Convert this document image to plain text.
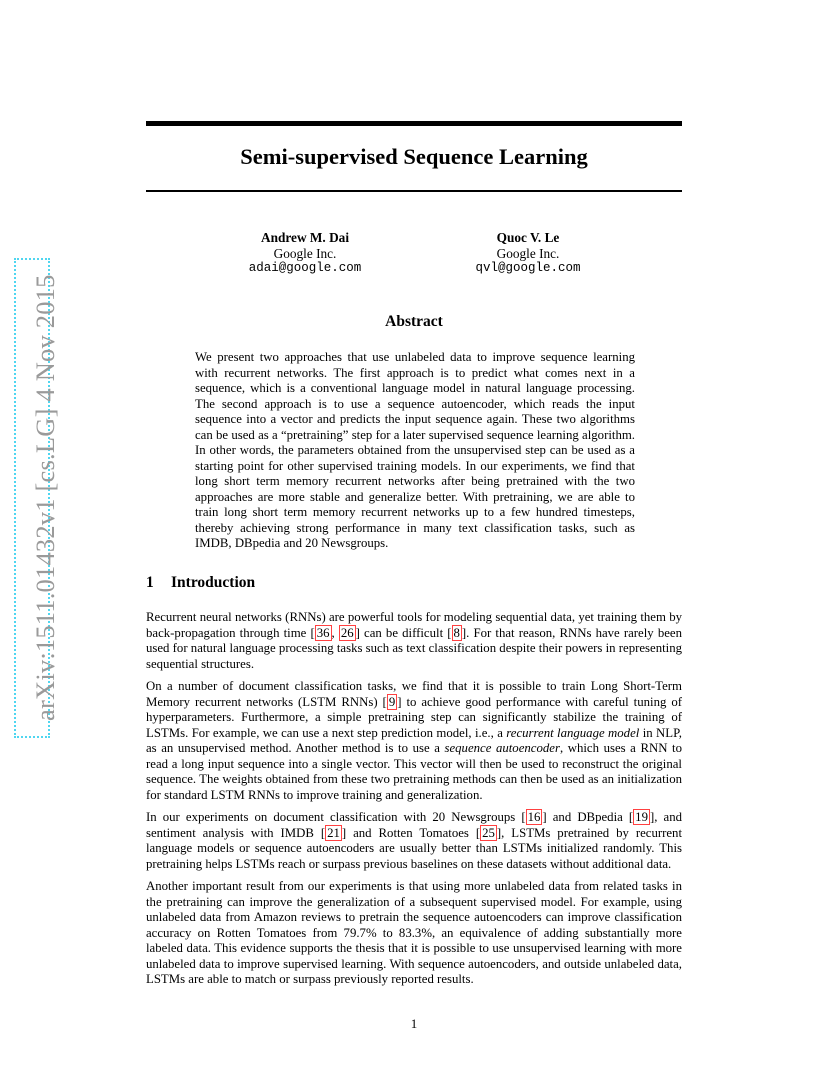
arXiv:1511.01432v1 [cs.LG] 4 Nov 2015
Semi-supervised Sequence Learning
Andrew M. Dai
Google Inc.
adai@google.com
Quoc V. Le
Google Inc.
qvl@google.com
Abstract

We present two approaches that use unlabeled data to improve sequence learning with recurrent networks. The first approach is to predict what comes next in a sequence, which is a conventional language model in natural language processing. The second approach is to use a sequence autoencoder, which reads the input sequence into a vector and predicts the input sequence again. These two algorithms can be used as a “pretraining” step for a later supervised sequence learning algorithm. In other words, the parameters obtained from the unsupervised step can be used as a starting point for other supervised training models. In our experiments, we find that long short term memory recurrent networks after being pretrained with the two approaches are more stable and generalize better. With pretraining, we are able to train long short term memory recurrent networks up to a few hundred timesteps, thereby achieving strong performance in many text classification tasks, such as IMDB, DBpedia and 20 Newsgroups.

1 Introduction

Recurrent neural networks (RNNs) are powerful tools for modeling sequential data, yet training them by back-propagation through time [ 36 , 26 ] can be difficult [ 8 ]. For that reason, RNNs have rarely been used for natural language processing tasks such as text classification despite their powers in representing sequential structures.

On a number of document classification tasks, we find that it is possible to train Long Short-Term Memory recurrent networks (LSTM RNNs) [ 9 ] to achieve good performance with careful tuning of hyperparameters. Furthermore, a simple pretraining step can significantly stabilize the training of LSTMs. For example, we can use a next step prediction model, i.e., a recurrent language model in NLP, as an unsupervised method. Another method is to use a sequence autoencoder, which uses a RNN to read a long input sequence into a single vector. This vector will then be used to reconstruct the original sequence. The weights obtained from these two pretraining methods can then be used as an initialization for standard LSTM RNNs to improve training and generalization.

In our experiments on document classification with 20 Newsgroups [ 16 ] and DBpedia [ 19 ], and sentiment analysis with IMDB [ 21 ] and Rotten Tomatoes [ 25 ], LSTMs pretrained by recurrent language models or sequence autoencoders are usually better than LSTMs initialized randomly. This pretraining helps LSTMs reach or surpass previous baselines on these datasets without additional data.

Another important result from our experiments is that using more unlabeled data from related tasks in the pretraining can improve the generalization of a subsequent supervised model. For example, using unlabeled data from Amazon reviews to pretrain the sequence autoencoders can improve classification accuracy on Rotten Tomatoes from 79.7% to 83.3%, an equivalence of adding substantially more labeled data. This evidence supports the thesis that it is possible to use unsupervised learning with more unlabeled data to improve supervised learning. With sequence autoencoders, and outside unlabeled data, LSTMs are able to match or surpass previously reported results.

1
